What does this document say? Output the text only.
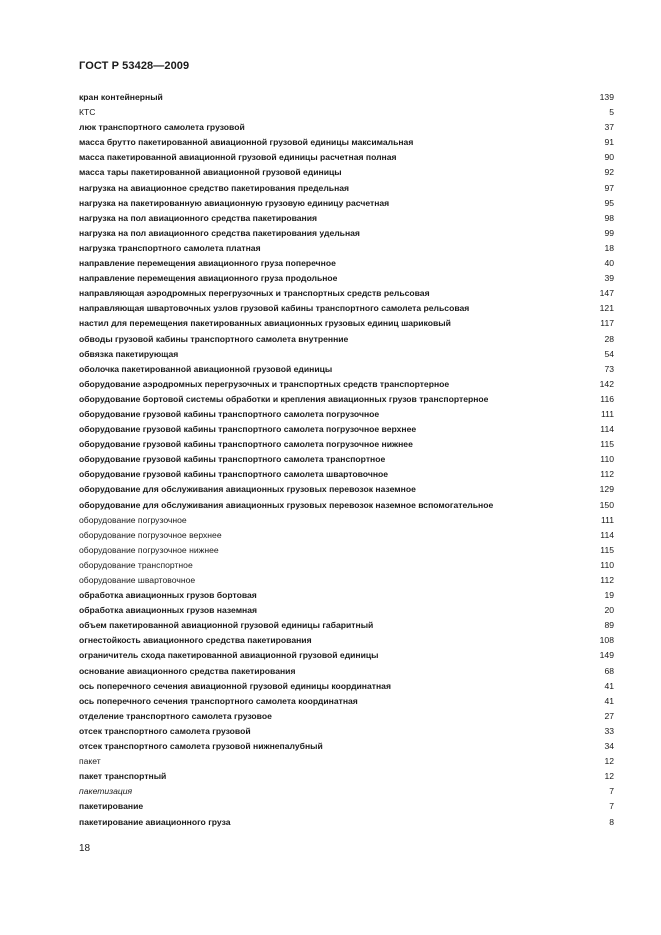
ГОСТ Р 53428—2009
кран контейнерный	139
КТС	5
люк транспортного самолета грузовой	37
масса брутто пакетированной авиационной грузовой единицы максимальная	91
масса пакетированной авиационной грузовой единицы расчетная полная	90
масса тары пакетированной авиационной грузовой единицы	92
нагрузка на авиационное средство пакетирования предельная	97
нагрузка на пакетированную авиационную грузовую единицу расчетная	95
нагрузка на пол авиационного средства пакетирования	98
нагрузка на пол авиационного средства пакетирования удельная	99
нагрузка транспортного самолета платная	18
направление перемещения авиационного груза поперечное	40
направление перемещения авиационного груза продольное	39
направляющая аэродромных перегрузочных и транспортных средств рельсовая	147
направляющая швартовочных узлов грузовой кабины транспортного самолета рельсовая	121
настил для перемещения пакетированных авиационных грузовых единиц шариковый	117
обводы грузовой кабины транспортного самолета внутренние	28
обвязка пакетирующая	54
оболочка пакетированной авиационной грузовой единицы	73
оборудование аэродромных перегрузочных и транспортных средств транспортерное	142
оборудование бортовой системы обработки и крепления авиационных грузов транспортерное	116
оборудование грузовой кабины транспортного самолета погрузочное	111
оборудование грузовой кабины транспортного самолета погрузочное верхнее	114
оборудование грузовой кабины транспортного самолета погрузочное нижнее	115
оборудование грузовой кабины транспортного самолета транспортное	110
оборудование грузовой кабины транспортного самолета швартовочное	112
оборудование для обслуживания авиационных грузовых перевозок наземное	129
оборудование для обслуживания авиационных грузовых перевозок наземное вспомогательное	150
оборудование погрузочное	111
оборудование погрузочное верхнее	114
оборудование погрузочное нижнее	115
оборудование транспортное	110
оборудование швартовочное	112
обработка авиационных грузов бортовая	19
обработка авиационных грузов наземная	20
объем пакетированной авиационной грузовой единицы габаритный	89
огнестойкость авиационного средства пакетирования	108
ограничитель схода пакетированной авиационной грузовой единицы	149
основание авиационного средства пакетирования	68
ось поперечного сечения авиационной грузовой единицы координатная	41
ось поперечного сечения транспортного самолета координатная	41
отделение транспортного самолета грузовое	27
отсек транспортного самолета грузовой	33
отсек транспортного самолета грузовой нижнепалубный	34
пакет	12
пакет транспортный	12
пакетизация	7
пакетирование	7
пакетирование авиационного груза	8
18
